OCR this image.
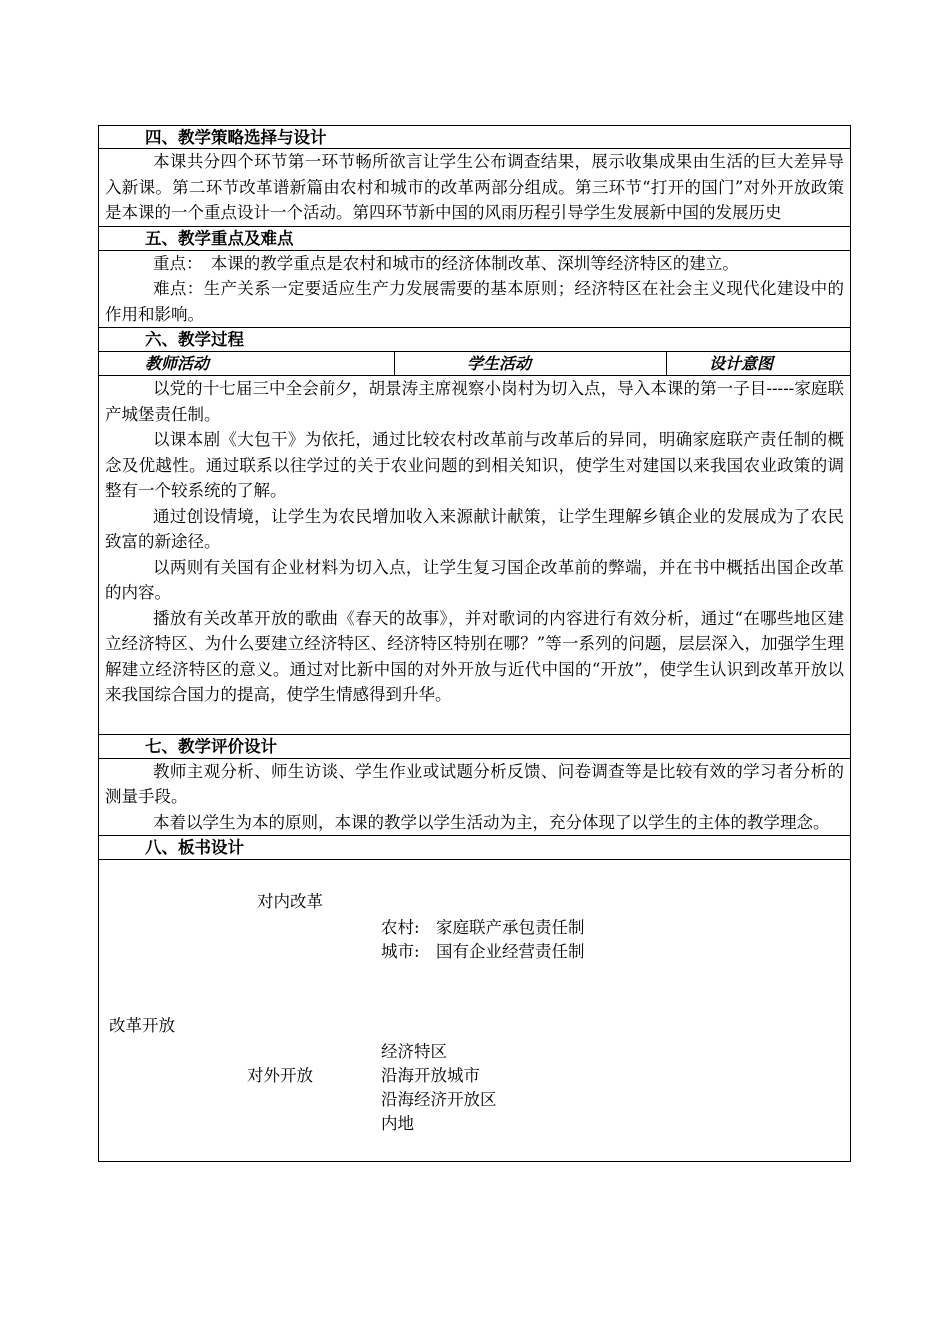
四、教学策略选择与设计

本课共分四个环节第一环节畅所欲言让学生公布调查结果，展示收集成果由生活的巨大差异导入新课。第二环节改革谱新篇由农村和城市的改革两部分组成。第三环节“打开的国门”对外开放政策是本课的一个重点设计一个活动。第四环节新中国的风雨历程引导学生发展新中国的发展历史

五、教学重点及难点

重点：　本课的教学重点是农村和城市的经济体制改革、深圳等经济特区的建立。

难点：生产关系一定要适应生产力发展需要的基本原则；经济特区在社会主义现代化建设中的作用和影响。

六、教学过程
教师活动	学生活动	设计意图

以党的十七届三中全会前夕，胡景涛主席视察小岗村为切入点，导入本课的第一子目-----家庭联产城堡责任制。

以课本剧《大包干》为依托，通过比较农村改革前与改革后的异同，明确家庭联产责任制的概念及优越性。通过联系以往学过的关于农业问题的到相关知识，使学生对建国以来我国农业政策的调整有一个较系统的了解。

通过创设情境，让学生为农民增加收入来源献计献策，让学生理解乡镇企业的发展成为了农民致富的新途径。

以两则有关国有企业材料为切入点，让学生复习国企改革前的弊端，并在书中概括出国企改革的内容。

播放有关改革开放的歌曲《春天的故事》，并对歌词的内容进行有效分析，通过“在哪些地区建立经济特区、为什么要建立经济特区、经济特区特别在哪？”等一系列的问题，层层深入，加强学生理解建立经济特区的意义。通过对比新中国的对外开放与近代中国的“开放”，使学生认识到改革开放以来我国综合国力的提高，使学生情感得到升华。

七、教学评价设计

教师主观分析、师生访谈、学生作业或试题分析反馈、问卷调查等是比较有效的学习者分析的测量手段。

本着以学生为本的原则，本课的教学以学生活动为主，充分体现了以学生的主体的教学理念。

八、板书设计
对内改革
农村:　家庭联产承包责任制
城市:　国有企业经营责任制
改革开放
经济特区
对外开放	沿海开放城市
沿海经济开放区
内地
